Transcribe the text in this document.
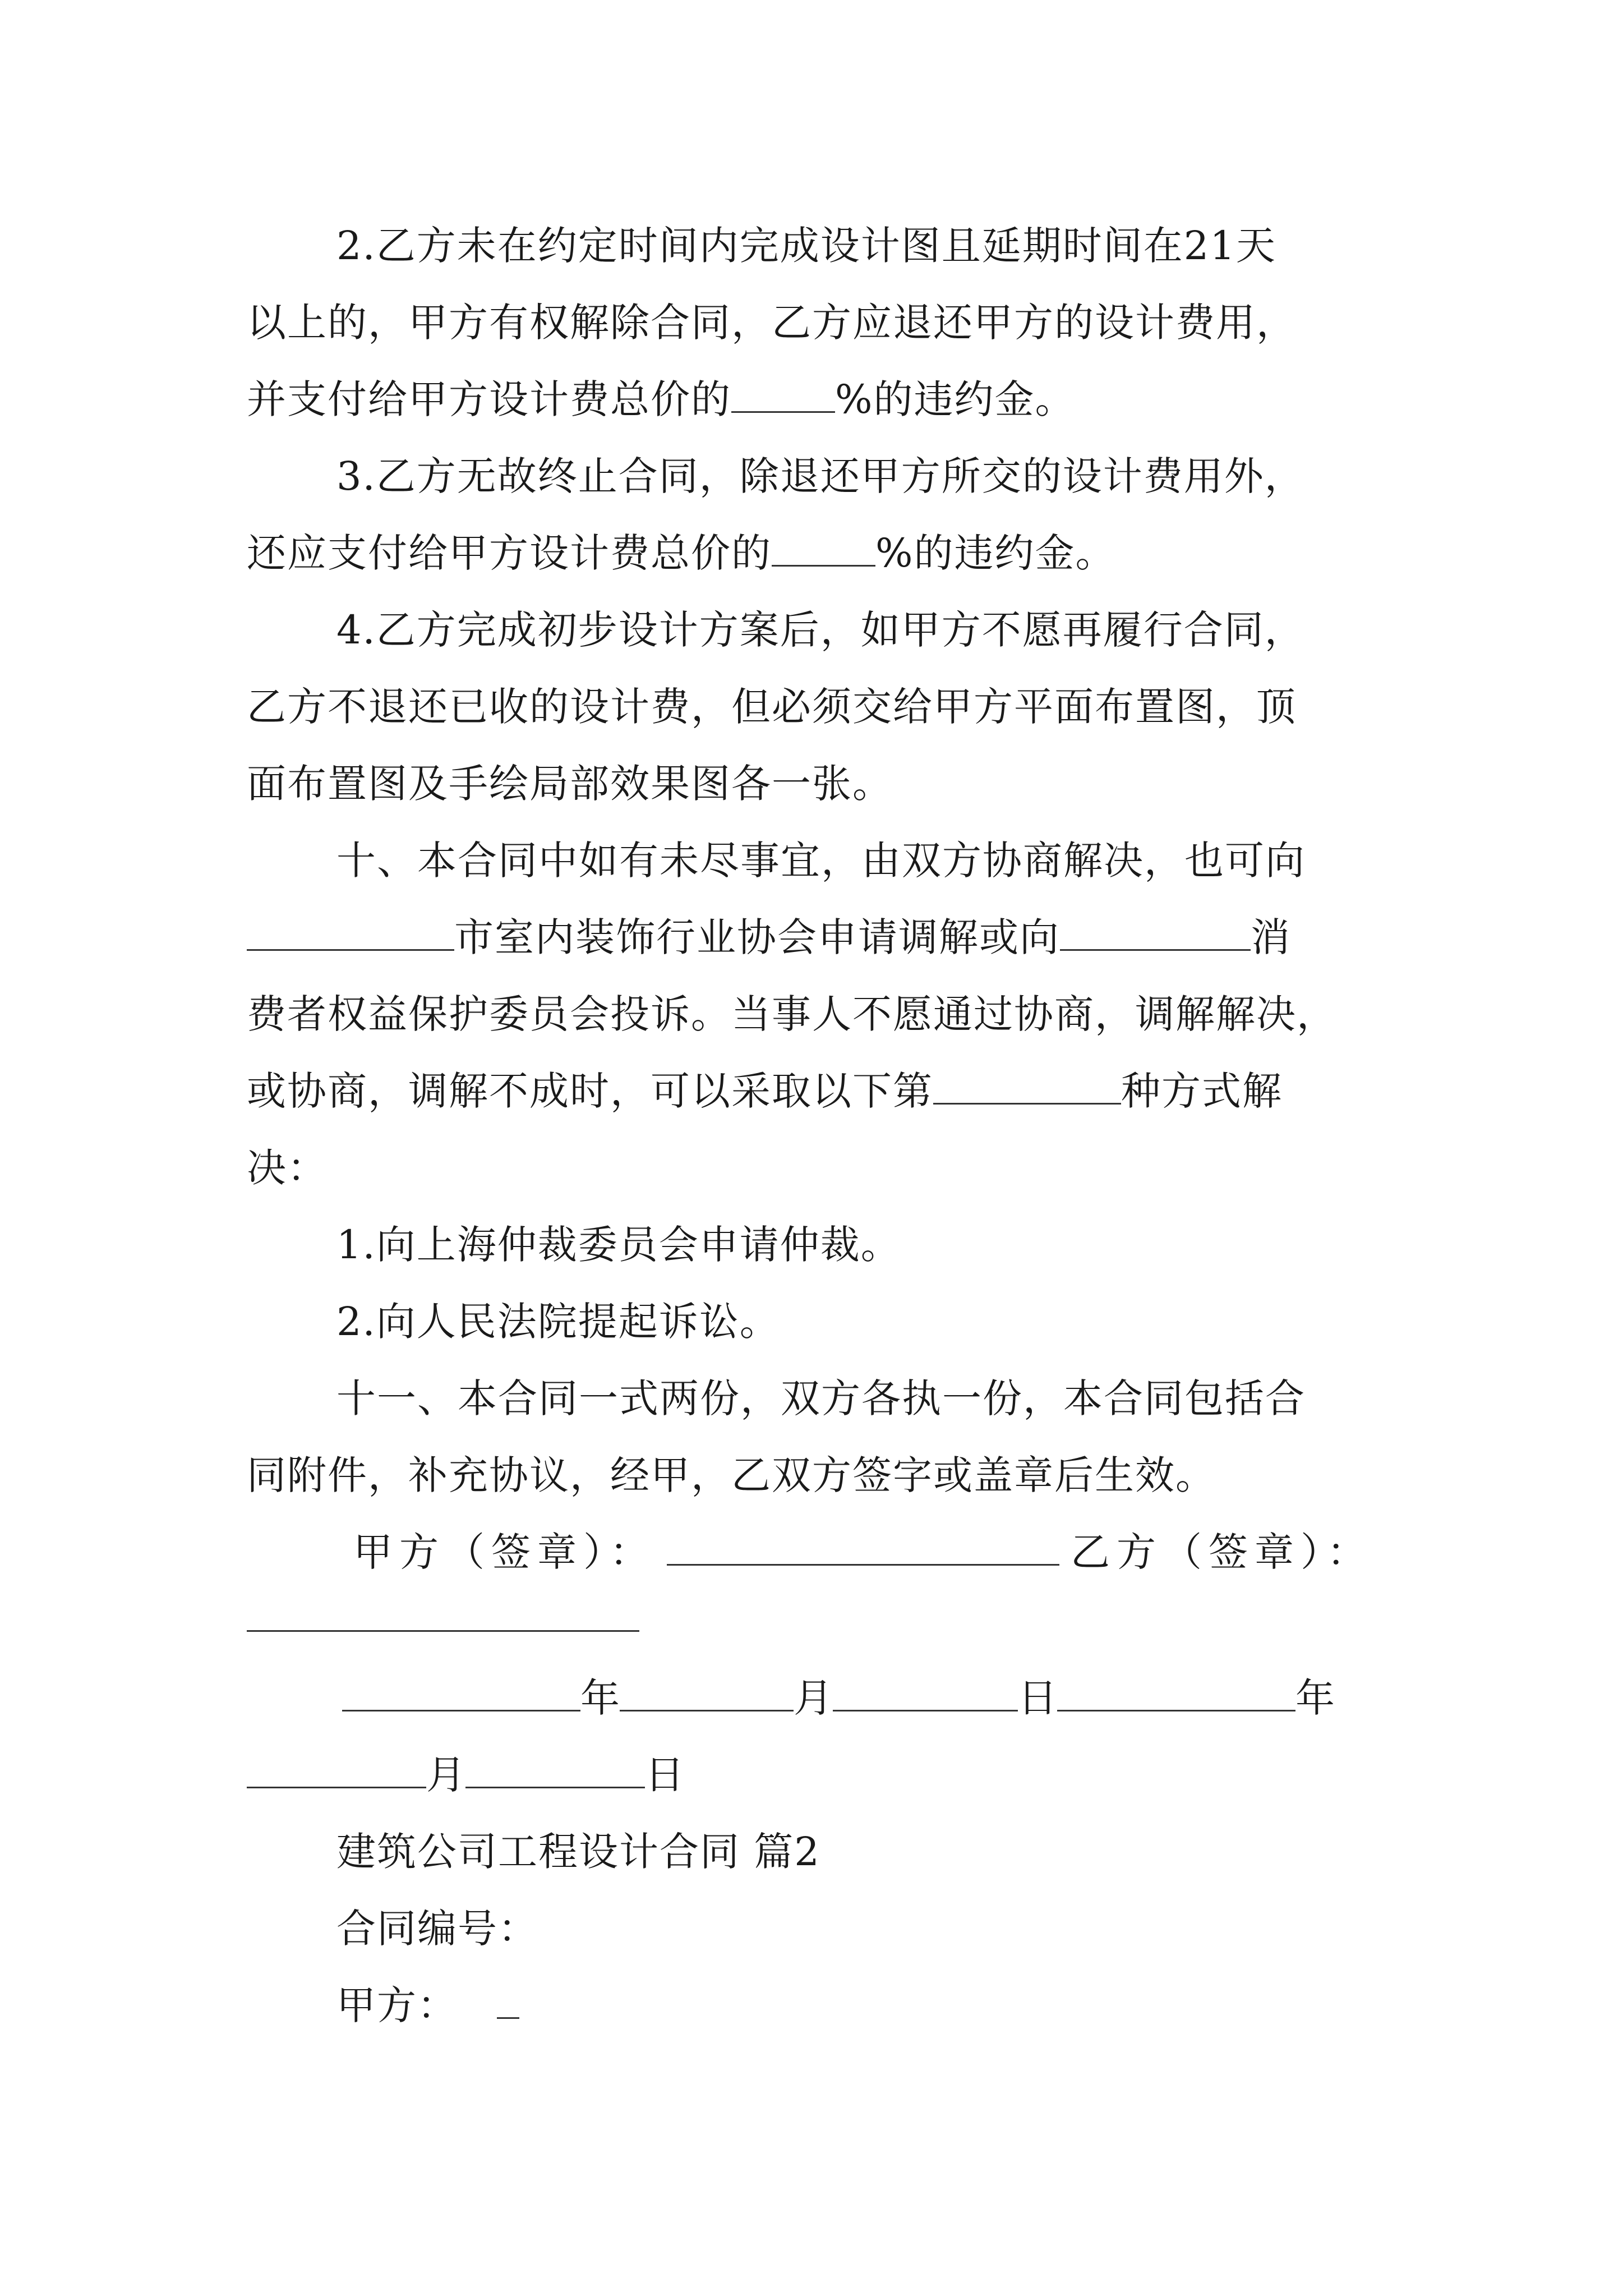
2.乙方未在约定时间内完成设计图且延期时间在21天
以上的，甲方有权解除合同，乙方应退还甲方的设计费用，
并支付给甲方设计费总价的	%的违约金。

3.乙方无故终止合同，除退还甲方所交的设计费用外，
还应支付给甲方设计费总价的	%的违约金。

4.乙方完成初步设计方案后，如甲方不愿再履行合同，
乙方不退还已收的设计费，但必须交给甲方平面布置图，顶
面布置图及手绘局部效果图各一张。

十、本合同中如有未尽事宜，由双方协商解决，也可向
市室内装饰行业协会申请调解或向	消
费者权益保护委员会投诉。当事人不愿通过协商，调解解决，
或协商，调解不成时，可以采取以下第	种方式解
决：

1.向上海仲裁委员会申请仲裁。

2.向人民法院提起诉讼。

十一、本合同一式两份，双方各执一份，本合同包括合
同附件，补充协议，经甲，乙双方签字或盖章后生效。

甲方（签章）：	乙方（签章）：
年	月	日	年
月	日
建筑公司工程设计合同 篇2
合同编号：
甲方：
